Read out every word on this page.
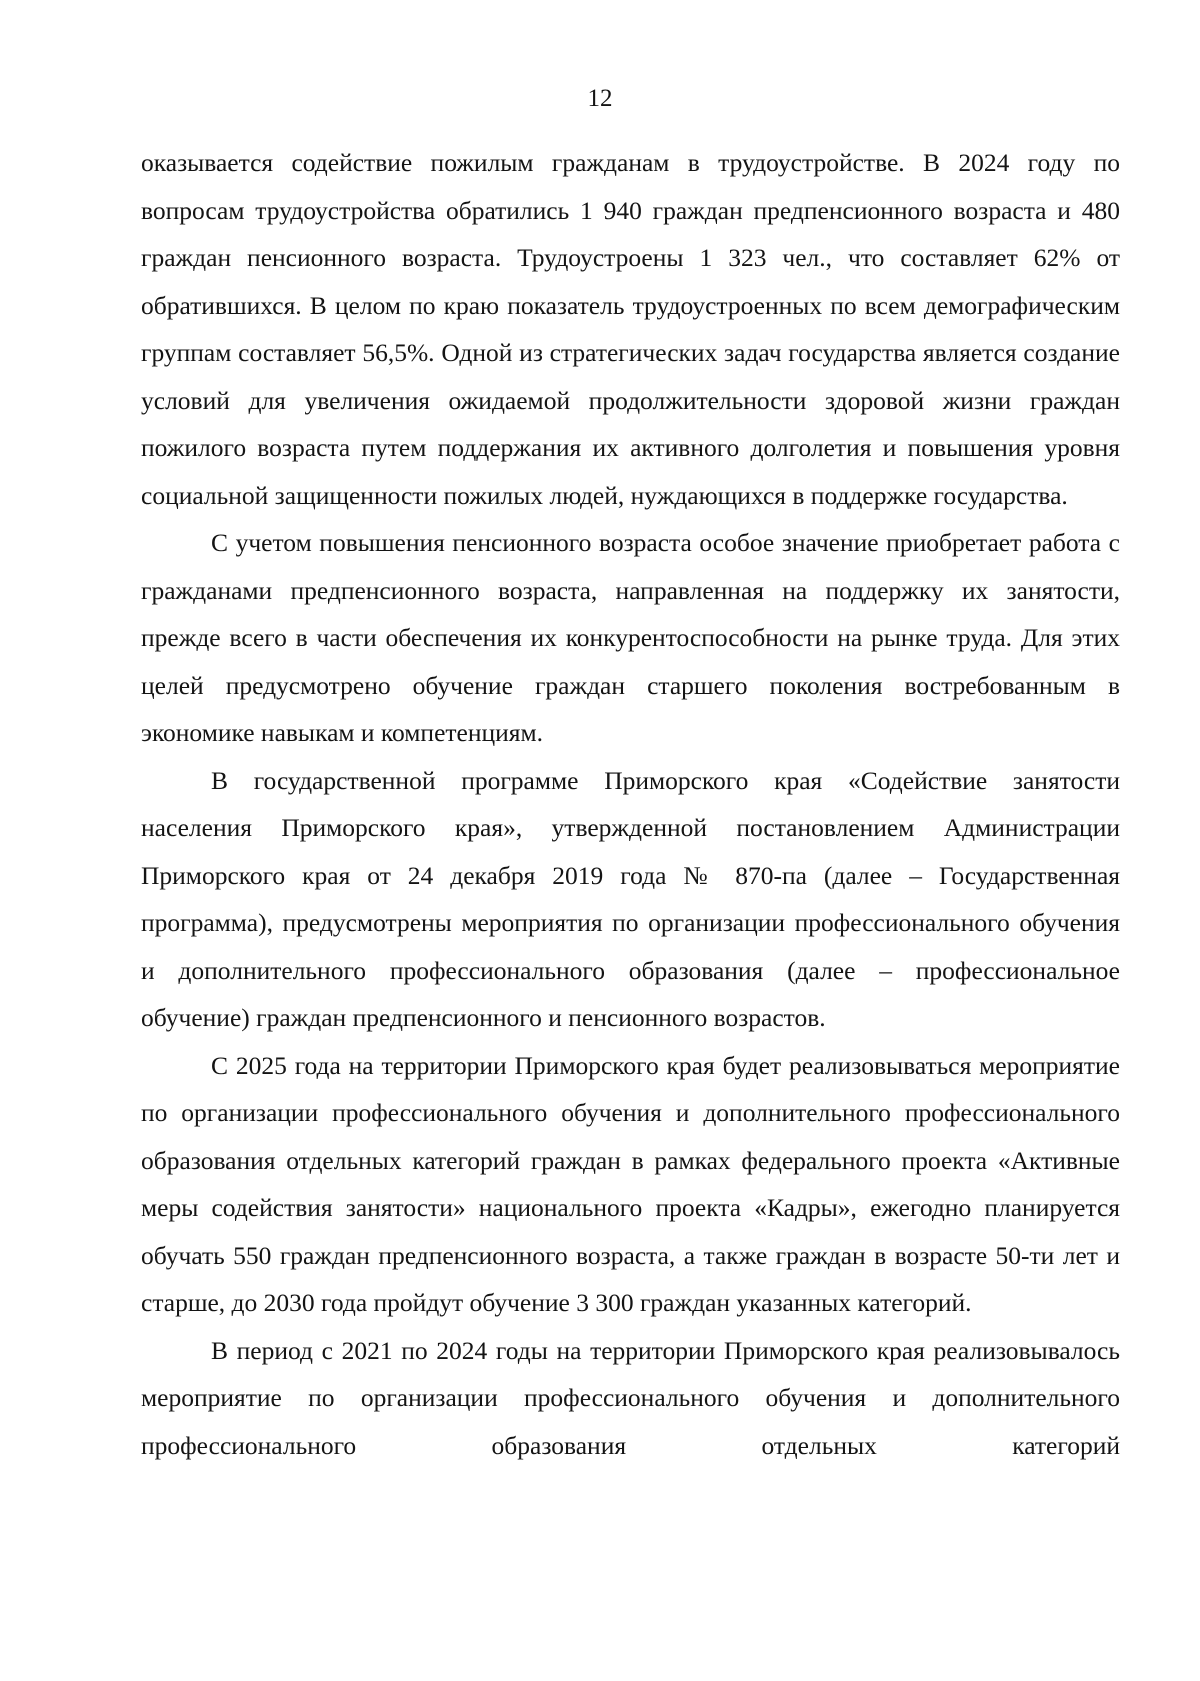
12

оказывается содействие пожилым гражданам в трудоустройстве. В 2024 году по вопросам трудоустройства обратились 1 940 граждан предпенсионного возраста и 480 граждан пенсионного возраста. Трудоустроены 1 323 чел., что составляет 62% от обратившихся. В целом по краю показатель трудоустроенных по всем демографическим группам составляет 56,5%. Одной из стратегических задач государства является создание условий для увеличения ожидаемой продолжительности здоровой жизни граждан пожилого возраста путем поддержания их активного долголетия и повышения уровня социальной защищенности пожилых людей, нуждающихся в поддержке государства.

С учетом повышения пенсионного возраста особое значение приобретает работа с гражданами предпенсионного возраста, направленная на поддержку их занятости, прежде всего в части обеспечения их конкурентоспособности на рынке труда. Для этих целей предусмотрено обучение граждан старшего поколения востребованным в экономике навыкам и компетенциям.

В государственной программе Приморского края «Содействие занятости населения Приморского края», утвержденной постановлением Администрации Приморского края от 24 декабря 2019 года № 870-па (далее – Государственная программа), предусмотрены мероприятия по организации профессионального обучения и дополнительного профессионального образования (далее – профессиональное обучение) граждан предпенсионного и пенсионного возрастов.

С 2025 года на территории Приморского края будет реализовываться мероприятие по организации профессионального обучения и дополнительного профессионального образования отдельных категорий граждан в рамках федерального проекта «Активные меры содействия занятости» национального проекта «Кадры», ежегодно планируется обучать 550 граждан предпенсионного возраста, а также граждан в возрасте 50-ти лет и старше, до 2030 года пройдут обучение 3 300 граждан указанных категорий.

В период с 2021 по 2024 годы на территории Приморского края реализовывалось мероприятие по организации профессионального обучения и дополнительного профессионального образования отдельных категорий
